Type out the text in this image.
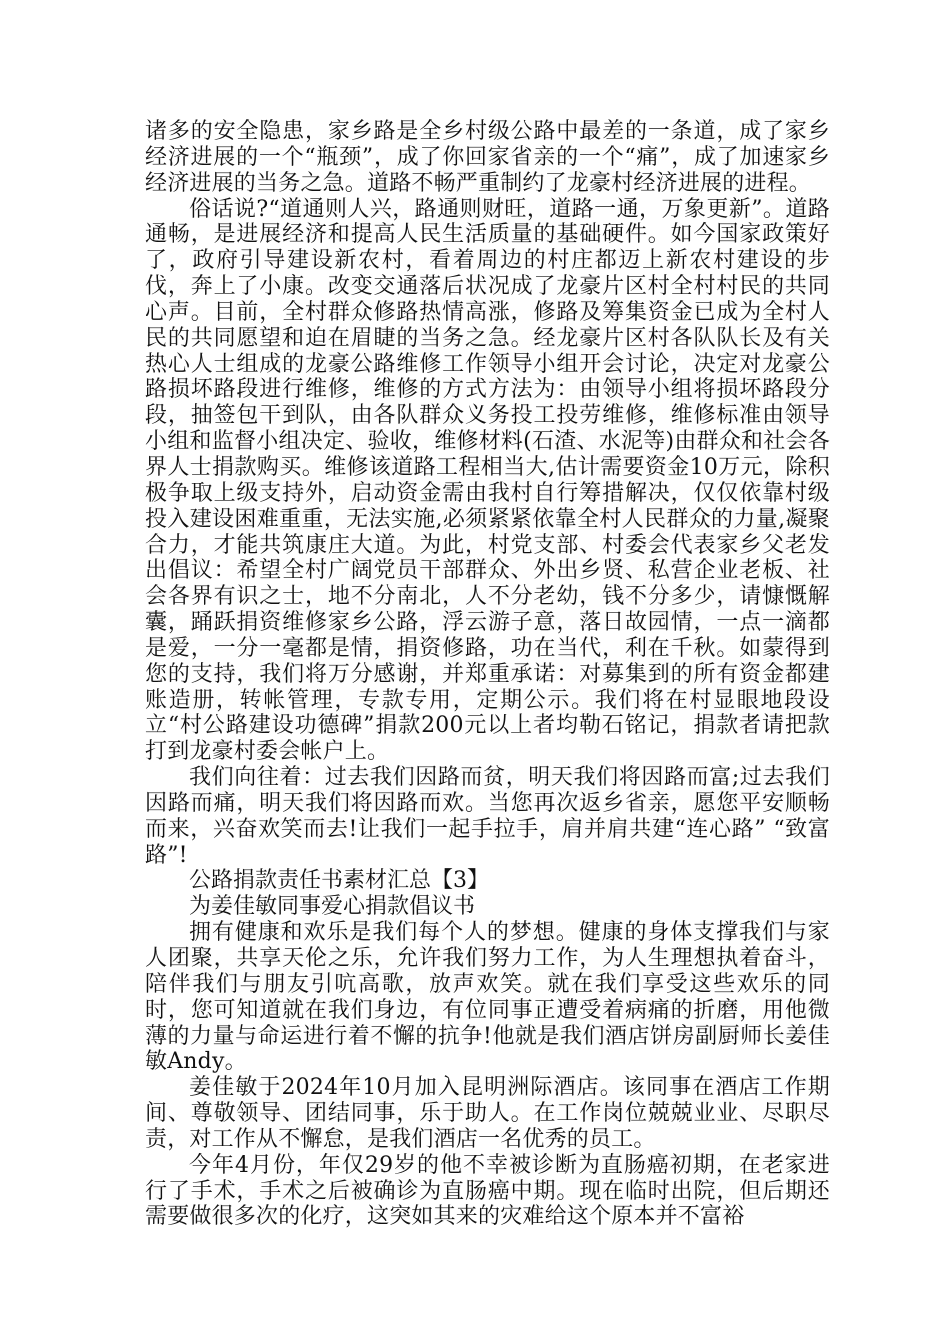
诸多的安全隐患，家乡路是全乡村级公路中最差的一条道，成了家乡经济进展的一个“瓶颈”，成了你回家省亲的一个“痛”，成了加速家乡经济进展的当务之急。道路不畅严重制约了龙豪村经济进展的进程。

俗话说?“道通则人兴，路通则财旺，道路一通，万象更新”。道路通畅，是进展经济和提高人民生活质量的基础硬件。如今国家政策好了，政府引导建设新农村，看着周边的村庄都迈上新农村建设的步伐，奔上了小康。改变交通落后状况成了龙豪片区村全村村民的共同心声。目前，全村群众修路热情高涨，修路及筹集资金已成为全村人民的共同愿望和迫在眉睫的当务之急。经龙豪片区村各队队长及有关热心人士组成的龙豪公路维修工作领导小组开会讨论，决定对龙豪公路损坏路段进行维修，维修的方式方法为：由领导小组将损坏路段分段，抽签包干到队，由各队群众义务投工投劳维修，维修标准由领导小组和监督小组决定、验收，维修材料(石渣、水泥等)由群众和社会各界人士捐款购买。维修该道路工程相当大,估计需要资金10万元，除积极争取上级支持外，启动资金需由我村自行筹措解决，仅仅依靠村级投入建设困难重重，无法实施,必须紧紧依靠全村人民群众的力量,凝聚合力，才能共筑康庄大道。为此，村党支部、村委会代表家乡父老发出倡议：希望全村广阔党员干部群众、外出乡贤、私营企业老板、社会各界有识之士，地不分南北，人不分老幼，钱不分多少，请慷慨解囊，踊跃捐资维修家乡公路，浮云游子意，落日故园情，一点一滴都是爱，一分一毫都是情，捐资修路，功在当代，利在千秋。如蒙得到您的支持，我们将万分感谢，并郑重承诺：对募集到的所有资金都建账造册，转帐管理，专款专用，定期公示。我们将在村显眼地段设立“村公路建设功德碑”捐款200元以上者均勒石铭记，捐款者请把款打到龙豪村委会帐户上。

我们向往着：过去我们因路而贫，明天我们将因路而富;过去我们因路而痛，明天我们将因路而欢。当您再次返乡省亲，愿您平安顺畅而来，兴奋欢笑而去!让我们一起手拉手，肩并肩共建“连心路” “致富路”!

公路捐款责任书素材汇总【3】

为姜佳敏同事爱心捐款倡议书

拥有健康和欢乐是我们每个人的梦想。健康的身体支撑我们与家人团聚，共享天伦之乐，允许我们努力工作，为人生理想执着奋斗，陪伴我们与朋友引吭高歌，放声欢笑。就在我们享受这些欢乐的同时，您可知道就在我们身边，有位同事正遭受着病痛的折磨，用他微薄的力量与命运进行着不懈的抗争!他就是我们酒店饼房副厨师长姜佳敏Andy。

姜佳敏于2024年10月加入昆明洲际酒店。该同事在酒店工作期间、尊敬领导、团结同事，乐于助人。在工作岗位兢兢业业、尽职尽责，对工作从不懈怠，是我们酒店一名优秀的员工。

今年4月份，年仅29岁的他不幸被诊断为直肠癌初期，在老家进行了手术，手术之后被确诊为直肠癌中期。现在临时出院，但后期还需要做很多次的化疗，这突如其来的灾难给这个原本并不富裕
